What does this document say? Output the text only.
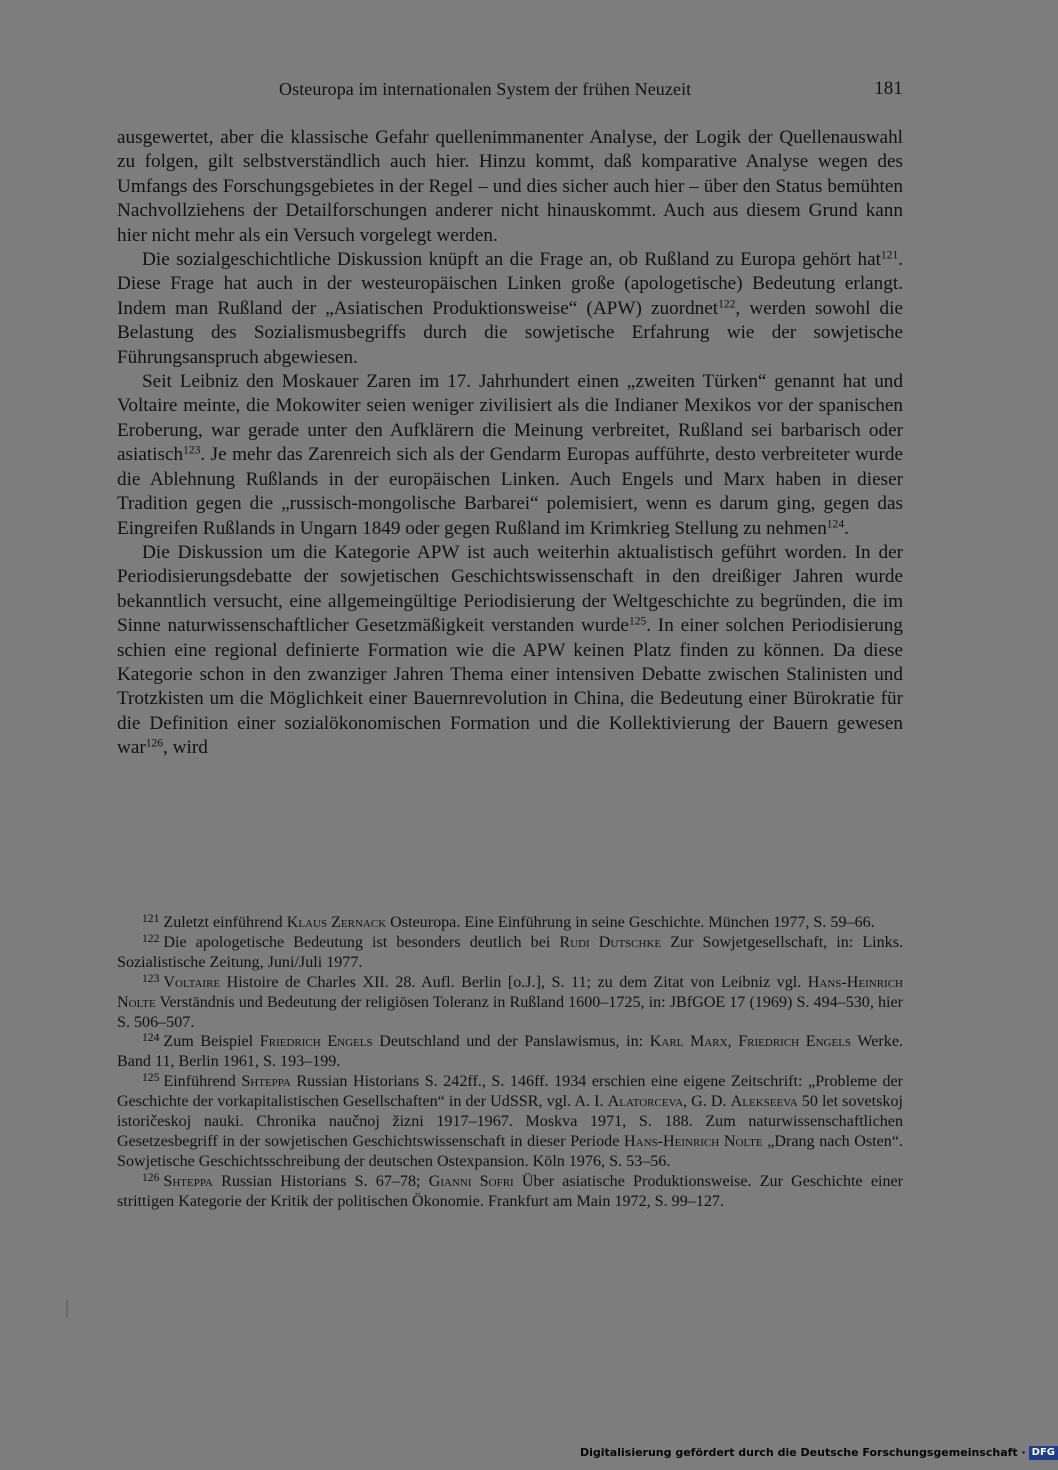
Osteuropa im internationalen System der frühen Neuzeit	181

ausgewertet, aber die klassische Gefahr quellenimmanenter Analyse, der Logik der Quellenauswahl zu folgen, gilt selbstverständlich auch hier. Hinzu kommt, daß komparative Analyse wegen des Umfangs des Forschungsgebietes in der Regel – und dies sicher auch hier – über den Status bemühten Nachvollziehens der Detailforschungen anderer nicht hinauskommt. Auch aus diesem Grund kann hier nicht mehr als ein Versuch vorgelegt werden.

Die sozialgeschichtliche Diskussion knüpft an die Frage an, ob Rußland zu Europa gehört hat$^{121}$. Diese Frage hat auch in der westeuropäischen Linken große (apologetische) Bedeutung erlangt. Indem man Rußland der „Asiatischen Produktionsweise“ (APW) zuordnet$^{122}$, werden sowohl die Belastung des Sozialismusbegriffs durch die sowjetische Erfahrung wie der sowjetische Führungsanspruch abgewiesen.

Seit Leibniz den Moskauer Zaren im 17. Jahrhundert einen „zweiten Türken“ genannt hat und Voltaire meinte, die Mokowiter seien weniger zivilisiert als die Indianer Mexikos vor der spanischen Eroberung, war gerade unter den Aufklärern die Meinung verbreitet, Rußland sei barbarisch oder asiatisch$^{123}$. Je mehr das Zarenreich sich als der Gendarm Europas aufführte, desto verbreiteter wurde die Ablehnung Rußlands in der europäischen Linken. Auch Engels und Marx haben in dieser Tradition gegen die „russisch-mongolische Barbarei“ polemisiert, wenn es darum ging, gegen das Eingreifen Rußlands in Ungarn 1849 oder gegen Rußland im Krimkrieg Stellung zu nehmen$^{124}$.

Die Diskussion um die Kategorie APW ist auch weiterhin aktualistisch geführt worden. In der Periodisierungsdebatte der sowjetischen Geschichtswissenschaft in den dreißiger Jahren wurde bekanntlich versucht, eine allgemeingültige Periodisierung der Weltgeschichte zu begründen, die im Sinne naturwissenschaftlicher Gesetzmäßigkeit verstanden wurde$^{125}$. In einer solchen Periodisierung schien eine regional definierte Formation wie die APW keinen Platz finden zu können. Da diese Kategorie schon in den zwanziger Jahren Thema einer intensiven Debatte zwischen Stalinisten und Trotzkisten um die Möglichkeit einer Bauernrevolution in China, die Bedeutung einer Bürokratie für die Definition einer sozialökonomischen Formation und die Kollektivierung der Bauern gewesen war$^{126}$, wird

$^{121}$ Zuletzt einführend Klaus Zernack Osteuropa. Eine Einführung in seine Geschichte. München 1977, S. 59–66.

$^{122}$ Die apologetische Bedeutung ist besonders deutlich bei Rudi Dutschke Zur Sowjetgesellschaft, in: Links. Sozialistische Zeitung, Juni/Juli 1977.

$^{123}$ Voltaire Histoire de Charles XII. 28. Aufl. Berlin [o.J.], S. 11; zu dem Zitat von Leibniz vgl. Hans-Heinrich Nolte Verständnis und Bedeutung der religiösen Toleranz in Rußland 1600–1725, in: JBfGOE 17 (1969) S. 494–530, hier S. 506–507.

$^{124}$ Zum Beispiel Friedrich Engels Deutschland und der Panslawismus, in: Karl Marx, Friedrich Engels Werke. Band 11, Berlin 1961, S. 193–199.

$^{125}$ Einführend Shteppa Russian Historians S. 242ff., S. 146ff. 1934 erschien eine eigene Zeitschrift: „Probleme der Geschichte der vorkapitalistischen Gesellschaften“ in der UdSSR, vgl. A. I. Alatorceva, G. D. Alekseeva 50 let sovetskoj istoričeskoj nauki. Chronika naučnoj žizni 1917–1967. Moskva 1971, S. 188. Zum naturwissenschaftlichen Gesetzesbegriff in der sowjetischen Geschichtswissenschaft in dieser Periode Hans-Heinrich Nolte „Drang nach Osten“. Sowjetische Geschichtsschreibung der deutschen Ostexpansion. Köln 1976, S. 53–56.

$^{126}$ Shteppa Russian Historians S. 67–78; Gianni Sofri Über asiatische Produktionsweise. Zur Geschichte einer strittigen Kategorie der Kritik der politischen Ökonomie. Frankfurt am Main 1972, S. 99–127.

Digitalisierung gefördert durch die Deutsche Forschungsgemeinschaft · DFG
